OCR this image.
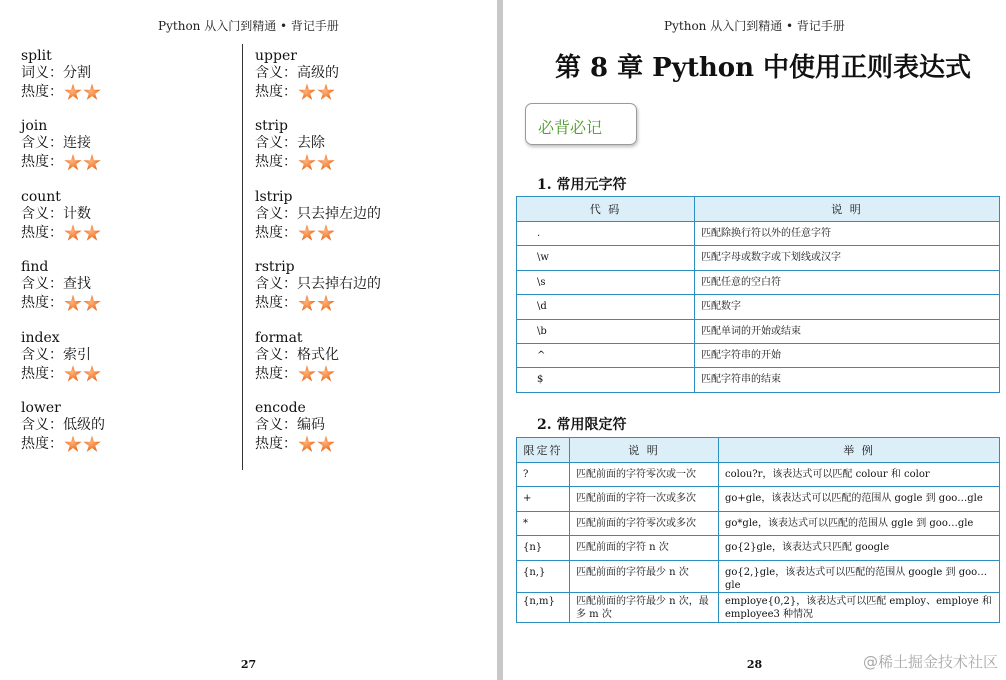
Python 从入门到精通 • 背记手册
split
词义： 分割
热度：
join
含义： 连接
热度：
count
含义： 计数
热度：
find
含义： 查找
热度：
index
含义： 索引
热度：
lower
含义： 低级的
热度：
upper
含义： 高级的
热度：
strip
含义： 去除
热度：
lstrip
含义： 只去掉左边的
热度：
rstrip
含义： 只去掉右边的
热度：
format
含义： 格式化
热度：
encode
含义： 编码
热度：
27
Python 从入门到精通 • 背记手册
第 8 章 Python 中使用正则表达式
必背必记
1. 常用元字符
代 码	说 明
.	匹配除换行符以外的任意字符
\w	匹配字母或数字或下划线或汉字
\s	匹配任意的空白符
\d	匹配数字
\b	匹配单词的开始或结束
^	匹配字符串的开始
$	匹配字符串的结束
2. 常用限定符
限定符	说 明	举 例
?	匹配前面的字符零次或一次	colou?r，该表达式可以匹配 colour 和 color
+	匹配前面的字符一次或多次	go+gle，该表达式可以匹配的范围从 gogle 到 goo…gle
*	匹配前面的字符零次或多次	go*gle，该表达式可以匹配的范围从 ggle 到 goo…gle
{n}	匹配前面的字符 n 次	go{2}gle，该表达式只匹配 google
{n,}	匹配前面的字符最少 n 次	go{2,}gle，该表达式可以匹配的范围从 google 到 goo…gle
{n,m}	匹配前面的字符最少 n 次，最多 m 次	employe{0,2}，该表达式可以匹配 employ、employe 和 employee3 种情况
28	@稀土掘金技术社区
